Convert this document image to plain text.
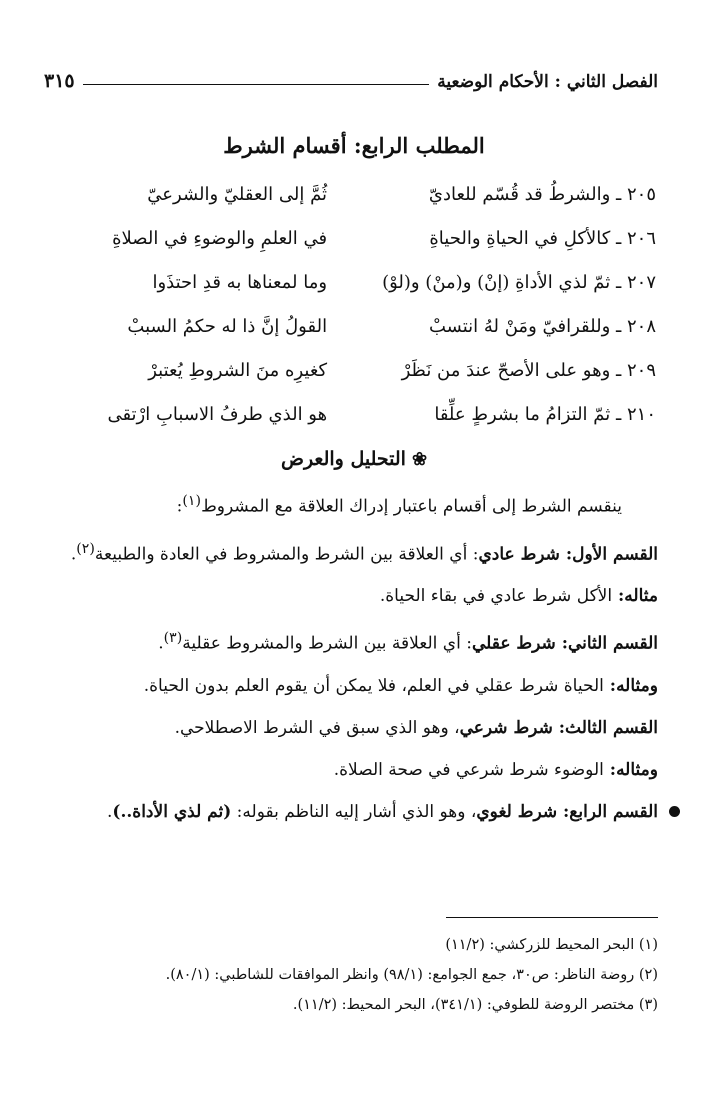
الفصل الثاني : الأحكام الوضعية
٣١٥
المطلب الرابع: أقسام الشرط
٢٠٥ ـ والشرطُ قد قُسّم للعاديّ
ثُمَّ إلى العقليّ والشرعيّ
٢٠٦ ـ كالأكلِ في الحياةِ والحياةِ
في العلمِ والوضوءِ في الصلاةِ
٢٠٧ ـ ثمّ لذي الأداةِ (إنْ) و(منْ) و(لوْ)
وما لمعناها به قدِ احتذَوا
٢٠٨ ـ وللقرافيّ ومَنْ لهُ انتسبْ
القولُ إنَّ ذا له حكمُ السببْ
٢٠٩ ـ وهو على الأصحّ عندَ من نَظَرْ
كغيرِه منَ الشروطِ يُعتبرْ
٢١٠ ـ ثمّ التزامُ ما بشرطٍ علِّقا
هو الذي طرفُ الاسبابِ ارْتقى
❀التحليل والعرض

ينقسم الشرط إلى أقسام باعتبار إدراك العلاقة مع المشروط$^{(١)}$:

القسم الأول: شرط عادي: أي العلاقة بين الشرط والمشروط في العادة والطبيعة$^{(٢)}$.

مثاله: الأكل شرط عادي في بقاء الحياة.

القسم الثاني: شرط عقلي: أي العلاقة بين الشرط والمشروط عقلية$^{(٣)}$.

ومثاله: الحياة شرط عقلي في العلم، فلا يمكن أن يقوم العلم بدون الحياة.

القسم الثالث: شرط شرعي، وهو الذي سبق في الشرط الاصطلاحي.

ومثاله: الوضوء شرط شرعي في صحة الصلاة.

القسم الرابع: شرط لغوي، وهو الذي أشار إليه الناظم بقوله: (ثم لذي الأداة..).

(١) البحر المحيط للزركشي: (١١/٢)
(٢) روضة الناظر: ص٣٠، جمع الجوامع: (٩٨/١) وانظر الموافقات للشاطبي: (٨٠/١).
(٣) مختصر الروضة للطوفي: (٣٤١/١)، البحر المحيط: (١١/٢).
